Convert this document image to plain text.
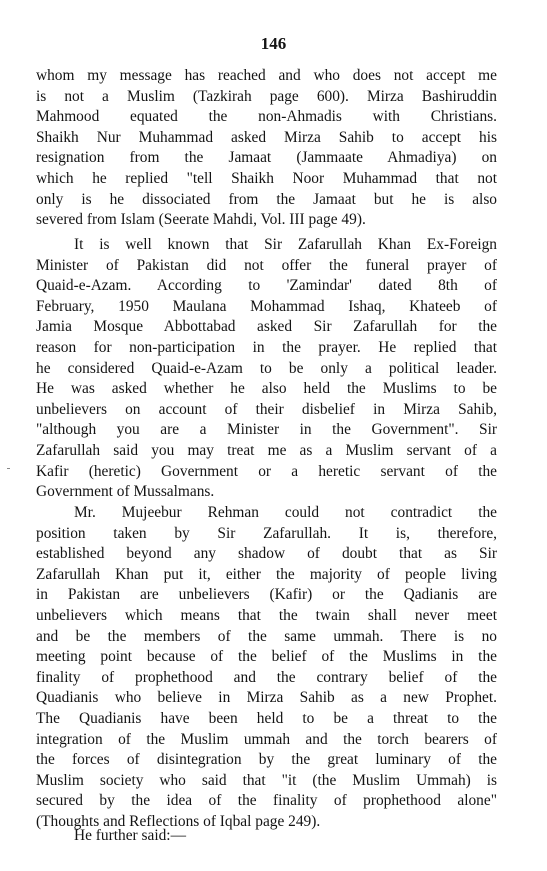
146

whom my message has reached and who does not accept me
is not a Muslim (Tazkirah page 600). Mirza Bashiruddin
Mahmood equated the non-Ahmadis with Christians.
Shaikh Nur Muhammad asked Mirza Sahib to accept his
resignation from the Jamaat (Jammaate Ahmadiya) on
which he replied "tell Shaikh Noor Muhammad that not
only is he dissociated from the Jamaat but he is also
severed from Islam (Seerate Mahdi, Vol. III page 49).

It is well known that Sir Zafarullah Khan Ex-Foreign
Minister of Pakistan did not offer the funeral prayer of
Quaid-e-Azam. According to 'Zamindar' dated 8th of
February, 1950 Maulana Mohammad Ishaq, Khateeb of
Jamia Mosque Abbottabad asked Sir Zafarullah for the
reason for non-participation in the prayer. He replied that
he considered Quaid-e-Azam to be only a political leader.
He was asked whether he also held the Muslims to be
unbelievers on account of their disbelief in Mirza Sahib,
"although you are a Minister in the Government". Sir
Zafarullah said you may treat me as a Muslim servant of a
Kafir (heretic) Government or a heretic servant of the
Government of Mussalmans.

Mr. Mujeebur Rehman could not contradict the
position taken by Sir Zafarullah. It is, therefore,
established beyond any shadow of doubt that as Sir
Zafarullah Khan put it, either the majority of people living
in Pakistan are unbelievers (Kafir) or the Qadianis are
unbelievers which means that the twain shall never meet
and be the members of the same ummah. There is no
meeting point because of the belief of the Muslims in the
finality of prophethood and the contrary belief of the
Quadianis who believe in Mirza Sahib as a new Prophet.
The Quadianis have been held to be a threat to the
integration of the Muslim ummah and the torch bearers of
the forces of disintegration by the great luminary of the
Muslim society who said that "it (the Muslim Ummah) is
secured by the idea of the finality of prophethood alone"
(Thoughts and Reflections of Iqbal page 249).

He further said:—
